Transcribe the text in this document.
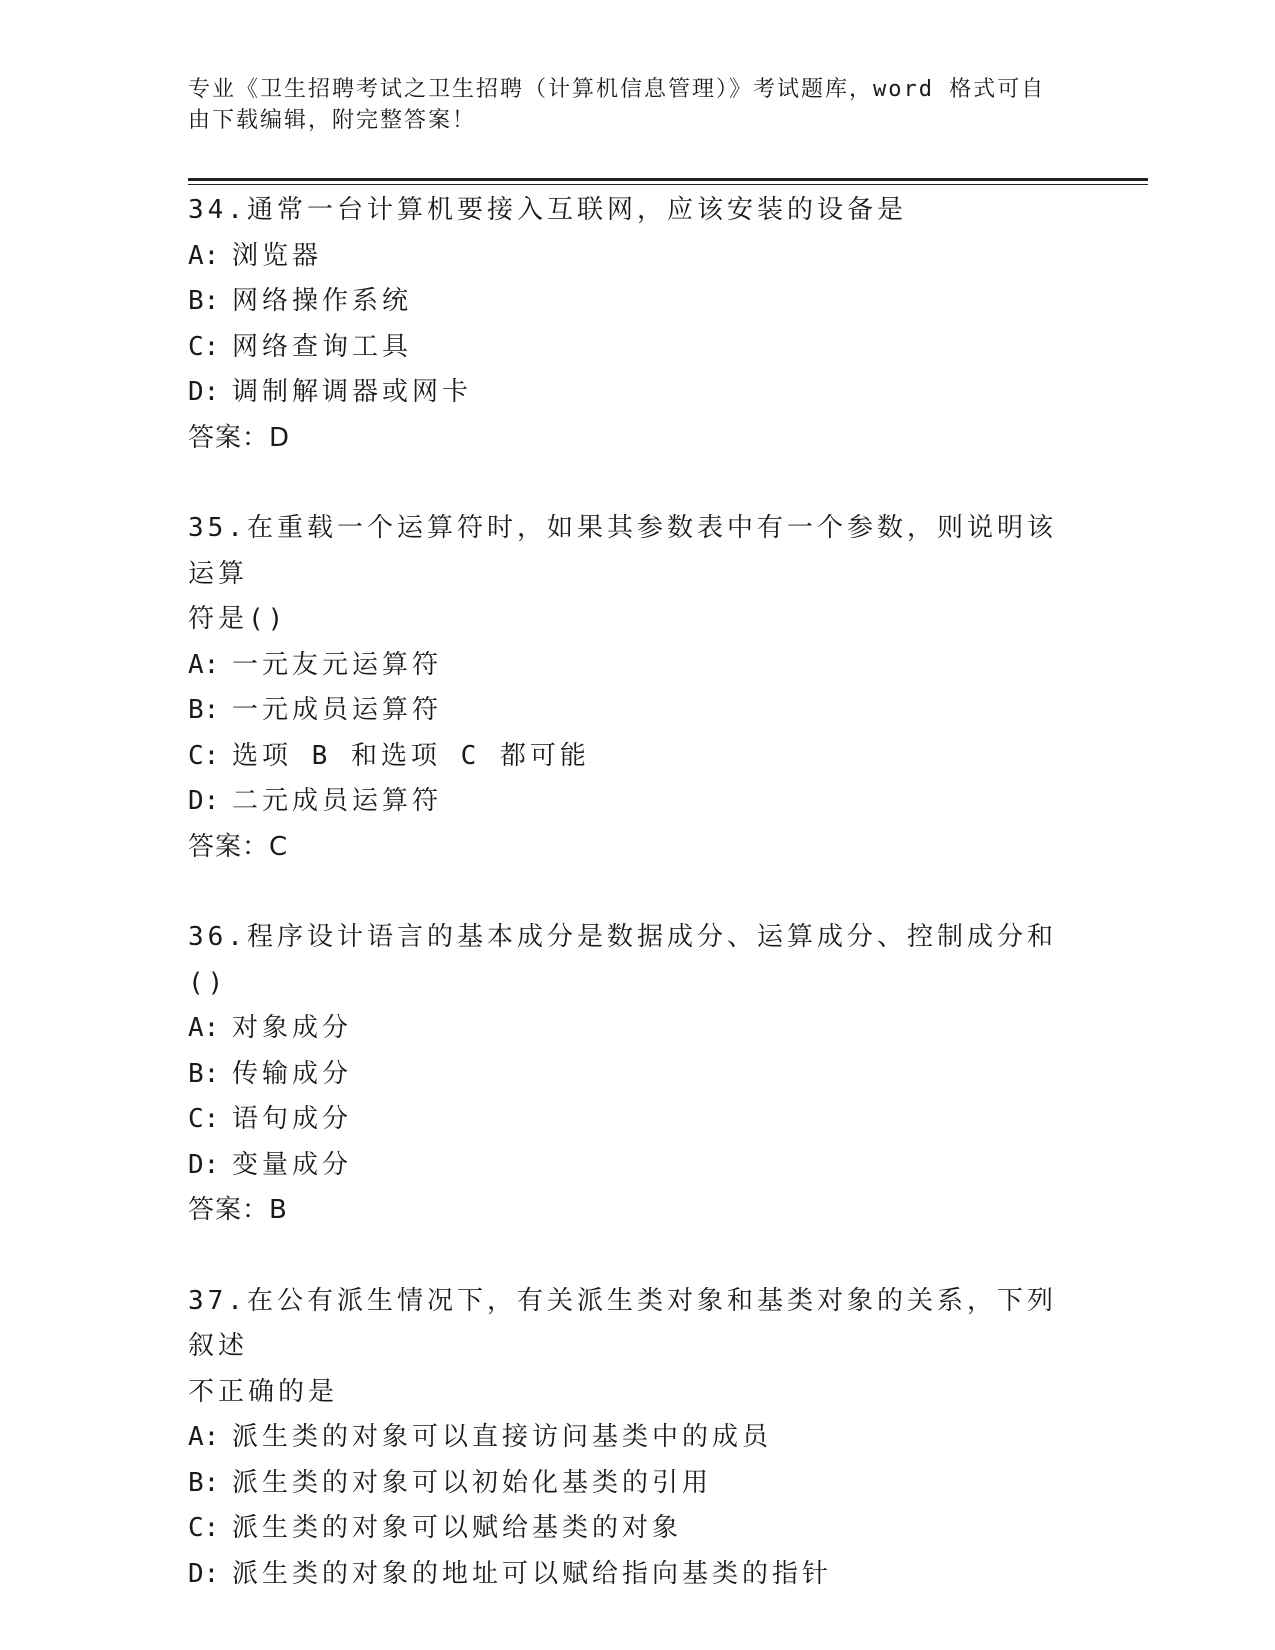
专业《卫生招聘考试之卫生招聘（计算机信息管理）》考试题库，word 格式可自
由下载编辑，附完整答案！
34.通常一台计算机要接入互联网，应该安装的设备是
A: 浏览器
B: 网络操作系统
C: 网络查询工具
D: 调制解调器或网卡
答案：D
35.在重载一个运算符时，如果其参数表中有一个参数，则说明该运算
符是()
A: 一元友元运算符
B: 一元成员运算符
C: 选项 B 和选项 C 都可能
D: 二元成员运算符
答案：C
36.程序设计语言的基本成分是数据成分、运算成分、控制成分和()
A: 对象成分
B: 传输成分
C: 语句成分
D: 变量成分
答案：B
37.在公有派生情况下，有关派生类对象和基类对象的关系，下列叙述
不正确的是
A: 派生类的对象可以直接访问基类中的成员
B: 派生类的对象可以初始化基类的引用
C: 派生类的对象可以赋给基类的对象
D: 派生类的对象的地址可以赋给指向基类的指针
